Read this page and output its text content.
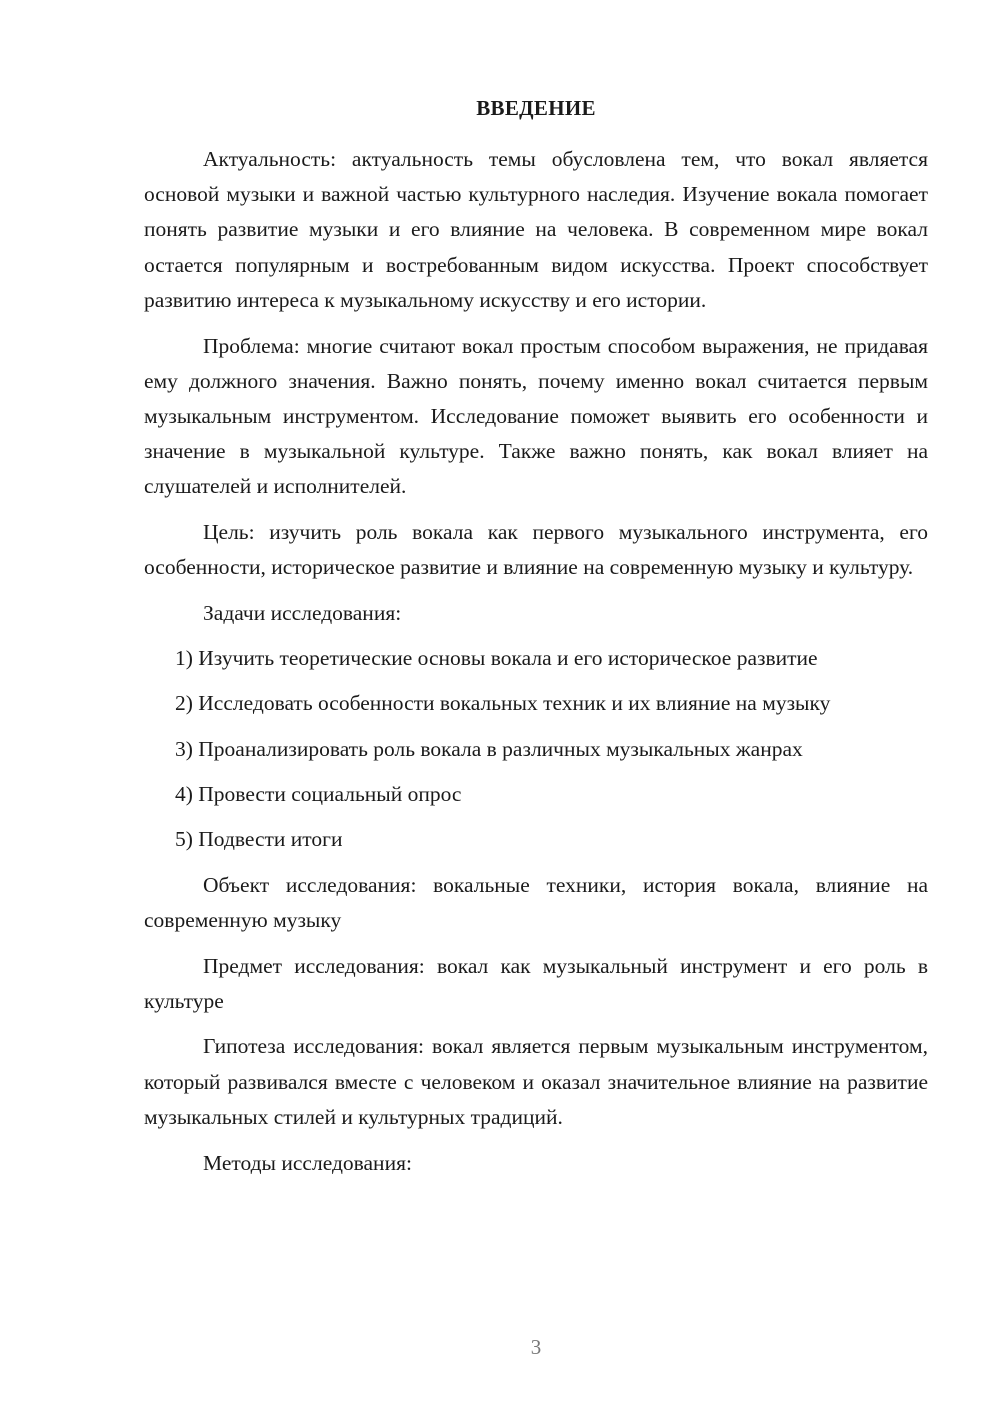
ВВЕДЕНИЕ

Актуальность: актуальность темы обусловлена тем, что вокал является основой музыки и важной частью культурного наследия. Изучение вокала помогает понять развитие музыки и его влияние на человека. В современном мире вокал остается популярным и востребованным видом искусства. Проект способствует развитию интереса к музыкальному искусству и его истории.

Проблема: многие считают вокал простым способом выражения, не придавая ему должного значения. Важно понять, почему именно вокал считается первым музыкальным инструментом. Исследование поможет выявить его особенности и значение в музыкальной культуре. Также важно понять, как вокал влияет на слушателей и исполнителей.

Цель: изучить роль вокала как первого музыкального инструмента, его особенности, историческое развитие и влияние на современную музыку и культуру.

Задачи исследования:

1) Изучить теоретические основы вокала и его историческое развитие

2) Исследовать особенности вокальных техник и их влияние на музыку

3) Проанализировать роль вокала в различных музыкальных жанрах

4) Провести социальный опрос

5) Подвести итоги

Объект исследования: вокальные техники, история вокала, влияние на современную музыку

Предмет исследования: вокал как музыкальный инструмент и его роль в культуре

Гипотеза исследования: вокал является первым музыкальным инструментом, который развивался вместе с человеком и оказал значительное влияние на развитие музыкальных стилей и культурных традиций.

Методы исследования:

3
